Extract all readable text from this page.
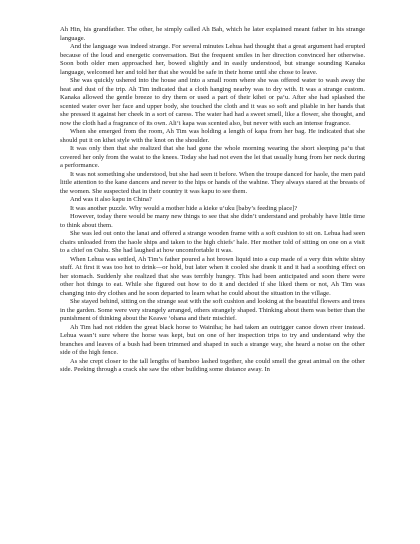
Ah Hin, his grandfather. The other, he simply called Ah Bah, which he later explained meant father in his strange language.

And the language was indeed strange. For several minutes Lehua had thought that a great argument had erupted because of the loud and energetic conversation. But the frequent smiles in her direction convinced her otherwise. Soon both older men approached her, bowed slightly and in easily understood, but strange sounding Kanaka language, welcomed her and told her that she would be safe in their home until she chose to leave.

She was quickly ushered into the house and into a small room where she was offered water to wash away the heat and dust of the trip. Ah Tim indicated that a cloth hanging nearby was to dry with. It was a strange custom. Kanaka allowed the gentle breeze to dry them or used a part of their kihei or pa‘u. After she had splashed the scented water over her face and upper body, she touched the cloth and it was so soft and pliable in her hands that she pressed it against her cheek in a sort of caress. The water had had a sweet smell, like a flower, she thought, and now the cloth had a fragrance of its own. Ali‘i kapa was scented also, but never with such an intense fragrance.

When she emerged from the room, Ah Tim was holding a length of kapa from her bag. He indicated that she should put it on kihei style with the knot on the shoulder.

It was only then that she realized that she had gone the whole morning wearing the short sleeping pa‘u that covered her only from the waist to the knees. Today she had not even the lei that usually hung from her neck during a performance.

It was not something she understood, but she had seen it before. When the troupe danced for haole, the men paid little attention to the kane dancers and never to the hips or hands of the wahine. They always stared at the breasts of the women. She suspected that in their country it was kapu to see them.

And was it also kapu in China?

It was another puzzle. Why would a mother hide a kieke u‘uku [baby’s feeding place]?

However, today there would be many new things to see that she didn’t understand and probably have little time to think about them.

She was led out onto the lanai and offered a strange wooden frame with a soft cushion to sit on. Lehua had seen chairs unloaded from the haole ships and taken to the high chiefs’ hale. Her mother told of sitting on one on a visit to a chief on Oahu. She had laughed at how uncomfortable it was.

When Lehua was settled, Ah Tim’s father poured a hot brown liquid into a cup made of a very thin white shiny stuff. At first it was too hot to drink—or hold, but later when it cooled she drank it and it had a soothing effect on her stomach. Suddenly she realized that she was terribly hungry. This had been anticipated and soon there were other hot things to eat. While she figured out how to do it and decided if she liked them or not, Ah Tim was changing into dry clothes and he soon departed to learn what he could about the situation in the village.

She stayed behind, sitting on the strange seat with the soft cushion and looking at the beautiful flowers and trees in the garden. Some were very strangely arranged, others strangely shaped. Thinking about them was better than the punishment of thinking about the Keawe ‘ohana and their mischief.

Ah Tim had not ridden the great black horse to Wainiha; he had taken an outrigger canoe down river instead. Lehua wasn’t sure where the horse was kept, but on one of her inspection trips to try and understand why the branches and leaves of a bush had been trimmed and shaped in such a strange way, she heard a noise on the other side of the high fence.

As she crept closer to the tall lengths of bamboo lashed together, she could smell the great animal on the other side. Peeking through a crack she saw the other building some distance away. In
